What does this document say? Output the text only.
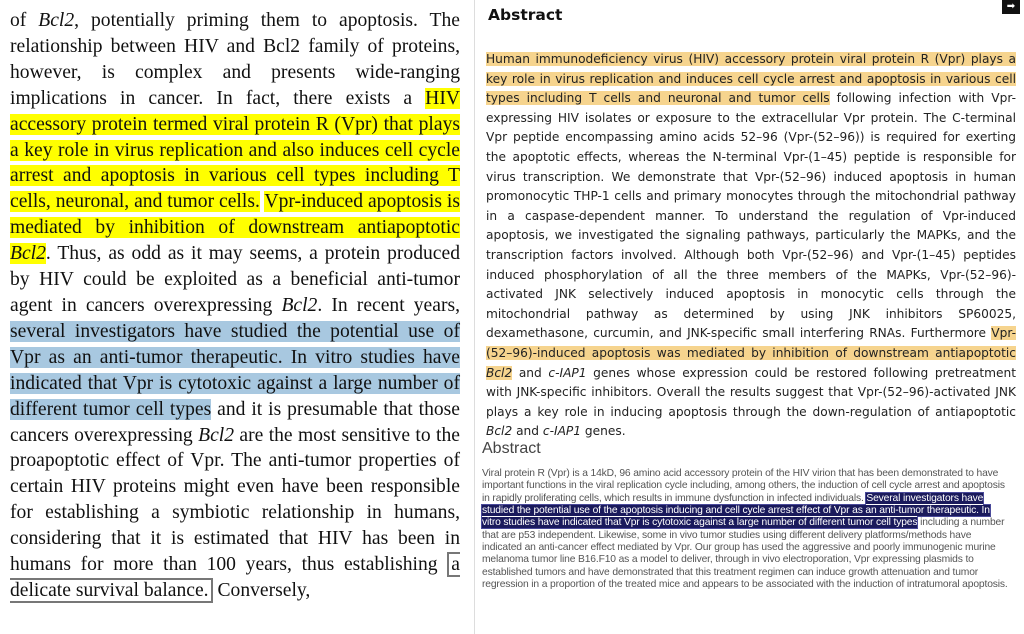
of Bcl2, potentially priming them to apoptosis. The relationship between HIV and Bcl2 family of proteins, however, is complex and presents wide-ranging implications in cancer. In fact, there exists a HIV accessory protein termed viral protein R (Vpr) that plays a key role in virus replication and also induces cell cycle arrest and apoptosis in various cell types including T cells, neuronal, and tumor cells. Vpr-induced apoptosis is mediated by inhibition of downstream antiapoptotic Bcl2. Thus, as odd as it may seems, a protein produced by HIV could be exploited as a beneficial anti-tumor agent in cancers overexpressing Bcl2. In recent years, several investigators have studied the potential use of Vpr as an anti-tumor therapeutic. In vitro studies have indicated that Vpr is cytotoxic against a large number of different tumor cell types and it is presumable that those cancers overexpressing Bcl2 are the most sensitive to the proapoptotic effect of Vpr. The anti-tumor properties of certain HIV proteins might even have been responsible for establishing a symbiotic relationship in humans, considering that it is estimated that HIV has been in humans for more than 100 years, thus establishing a delicate survival balance. Conversely,
Abstract

Human immunodeficiency virus (HIV) accessory protein viral protein R (Vpr) plays a key role in virus replication and induces cell cycle arrest and apoptosis in various cell types including T cells and neuronal and tumor cells following infection with Vpr-expressing HIV isolates or exposure to the extracellular Vpr protein. The C-terminal Vpr peptide encompassing amino acids 52–96 (Vpr-(52–96)) is required for exerting the apoptotic effects, whereas the N-terminal Vpr-(1–45) peptide is responsible for virus transcription. We demonstrate that Vpr-(52–96) induced apoptosis in human promonocytic THP-1 cells and primary monocytes through the mitochondrial pathway in a caspase-dependent manner. To understand the regulation of Vpr-induced apoptosis, we investigated the signaling pathways, particularly the MAPKs, and the transcription factors involved. Although both Vpr-(52–96) and Vpr-(1–45) peptides induced phosphorylation of all the three members of the MAPKs, Vpr-(52–96)-activated JNK selectively induced apoptosis in monocytic cells through the mitochondrial pathway as determined by using JNK inhibitors SP60025, dexamethasone, curcumin, and JNK-specific small interfering RNAs. Furthermore Vpr-(52–96)-induced apoptosis was mediated by inhibition of downstream antiapoptotic Bcl2 and c-IAP1 genes whose expression could be restored following pretreatment with JNK-specific inhibitors. Overall the results suggest that Vpr-(52–96)-activated JNK plays a key role in inducing apoptosis through the down-regulation of antiapoptotic Bcl2 and c-IAP1 genes.

➡
Abstract

Viral protein R (Vpr) is a 14kD, 96 amino acid accessory protein of the HIV virion that has been demonstrated to have important functions in the viral replication cycle including, among others, the induction of cell cycle arrest and apoptosis in rapidly proliferating cells, which results in immune dysfunction in infected individuals. Several investigators have studied the potential use of the apoptosis inducing and cell cycle arrest effect of Vpr as an anti-tumor therapeutic. In vitro studies have indicated that Vpr is cytotoxic against a large number of different tumor cell types including a number that are p53 independent. Likewise, some in vivo tumor studies using different delivery platforms/methods have indicated an anti-cancer effect mediated by Vpr. Our group has used the aggressive and poorly immunogenic murine melanoma tumor line B16.F10 as a model to deliver, through in vivo electroporation, Vpr expressing plasmids to established tumors and have demonstrated that this treatment regimen can induce growth attenuation and tumor regression in a proportion of the treated mice and appears to be associated with the induction of intratumoral apoptosis.
